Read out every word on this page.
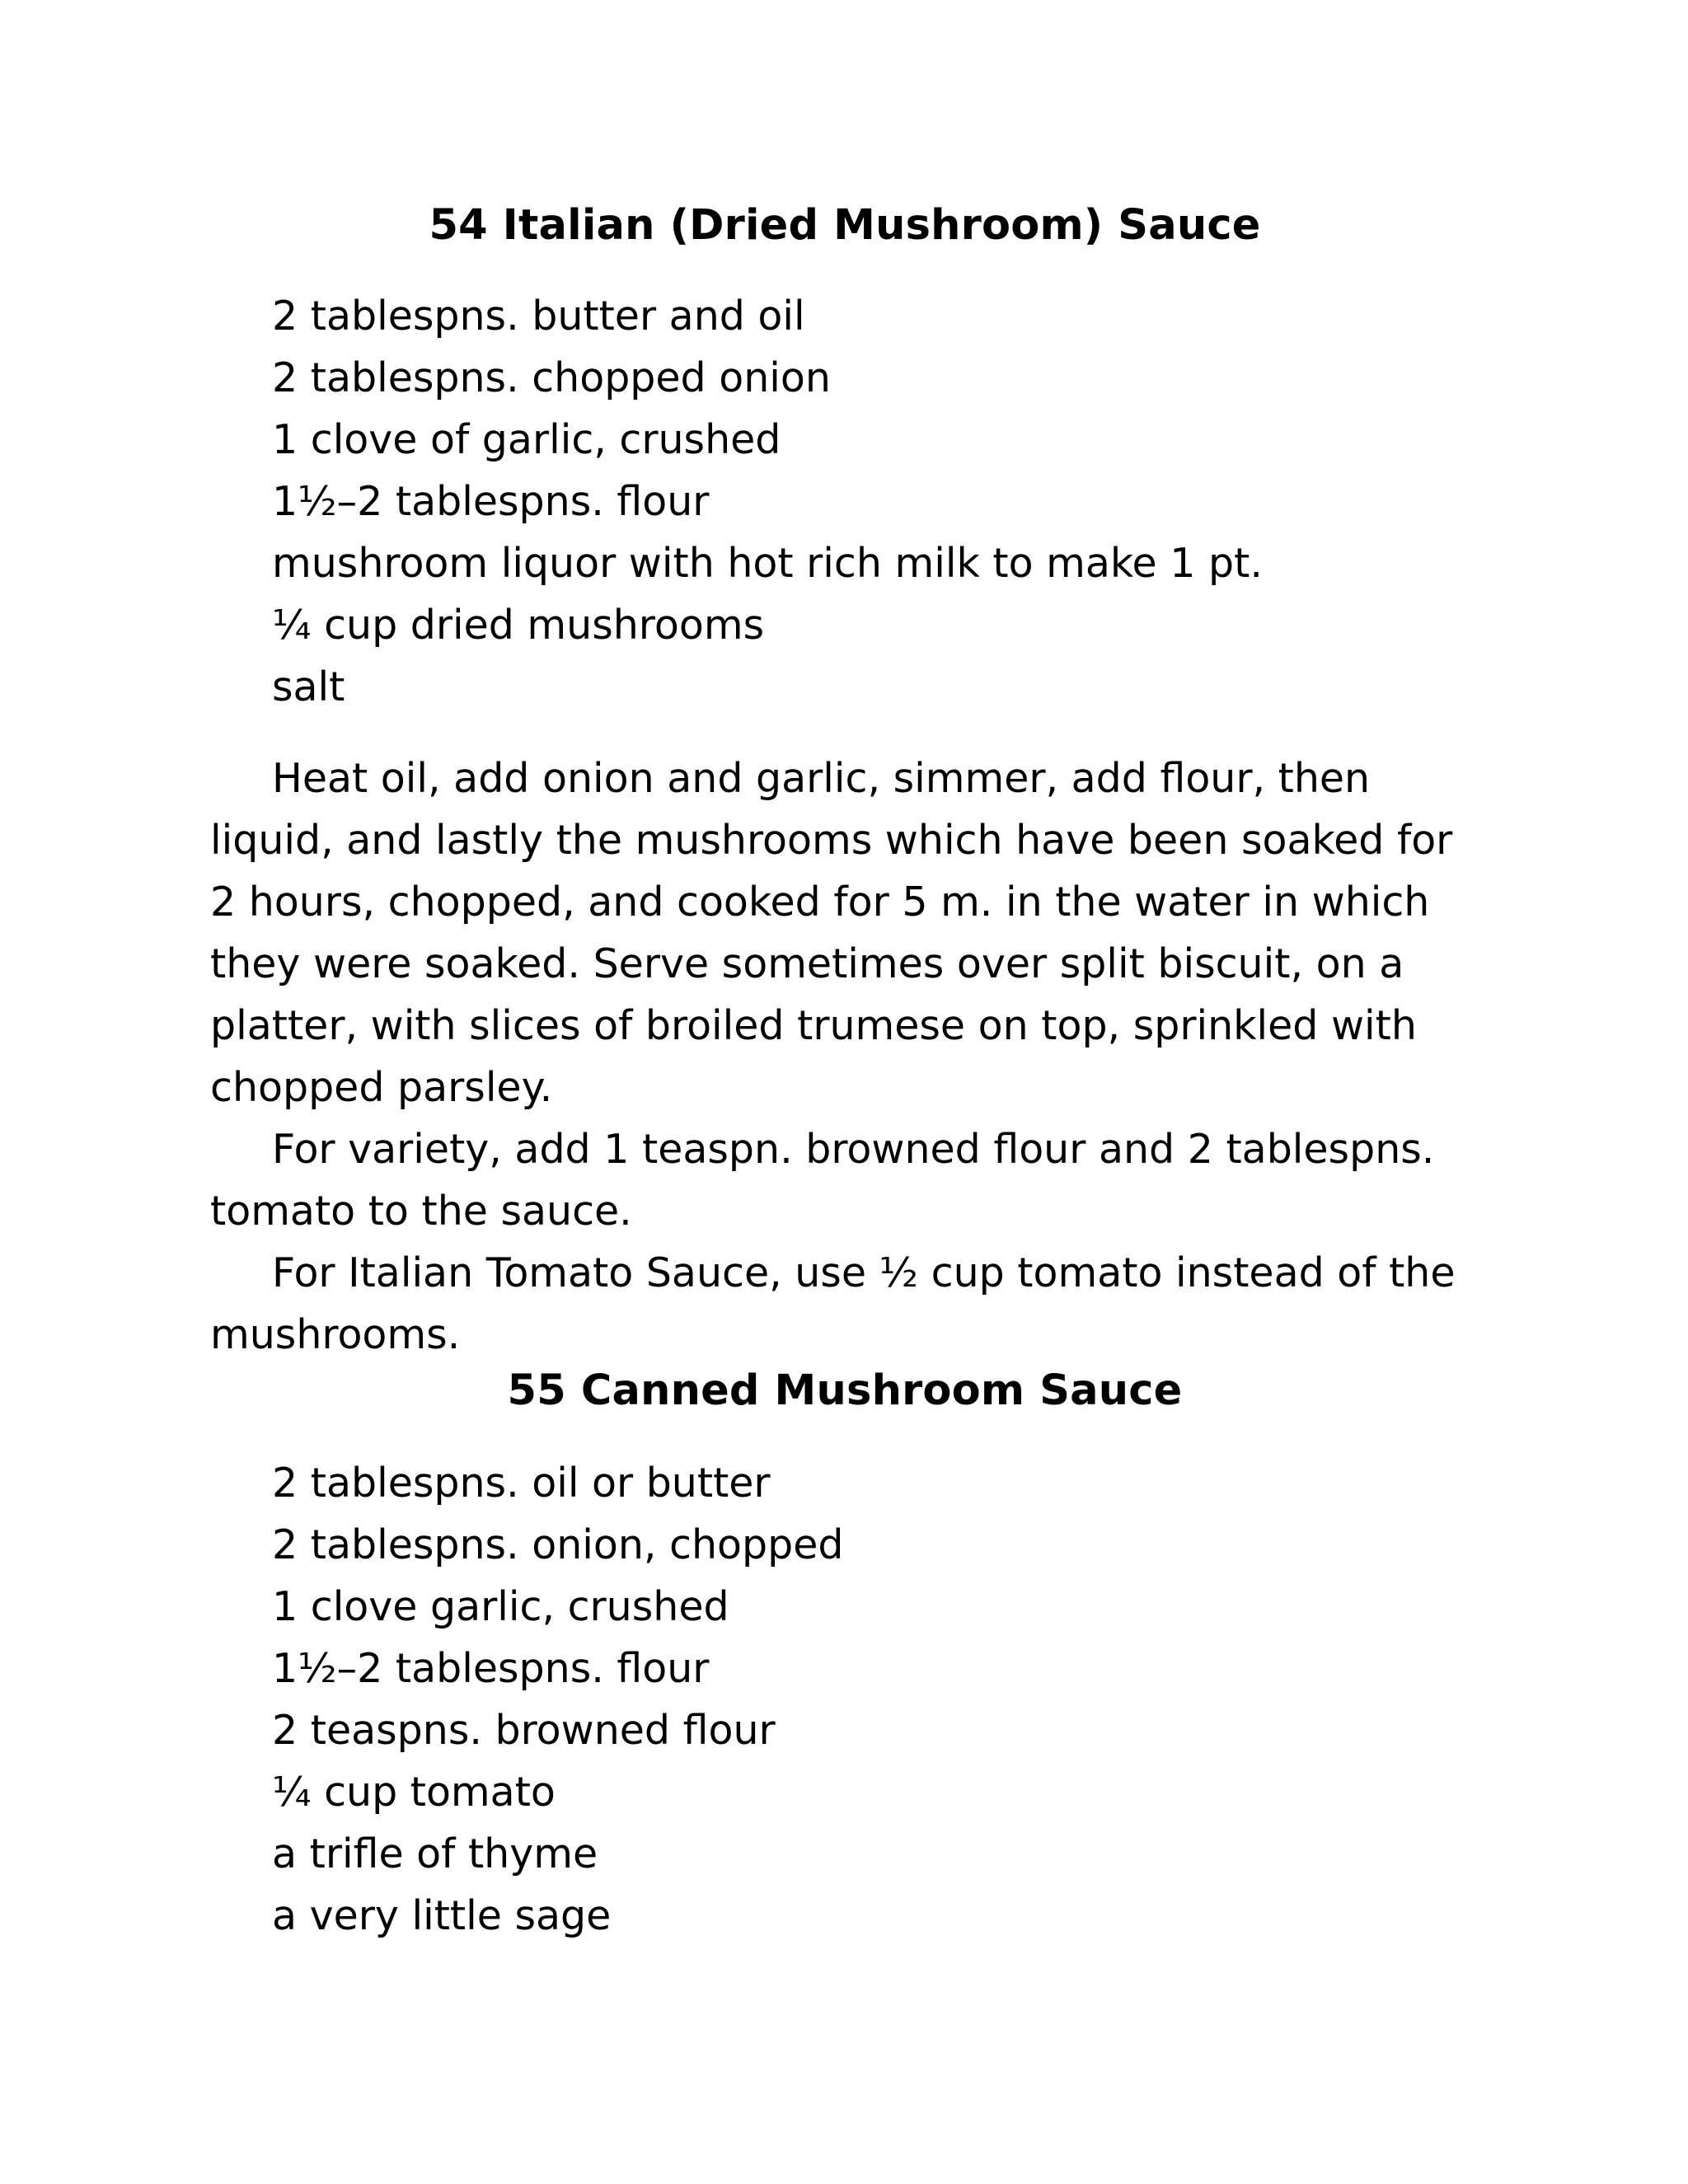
54 Italian (Dried Mushroom) Sauce
2 tablespns. butter and oil
2 tablespns. chopped onion
1 clove of garlic, crushed
1½–2 tablespns. flour
mushroom liquor with hot rich milk to make 1 pt.
¼ cup dried mushrooms
salt

Heat oil, add onion and garlic, simmer, add flour, then liquid, and lastly the mushrooms which have been soaked for 2 hours, chopped, and cooked for 5 m. in the water in which they were soaked. Serve sometimes over split biscuit, on a platter, with slices of broiled trumese on top, sprinkled with chopped parsley.

For variety, add 1 teaspn. browned flour and 2 tablespns. tomato to the sauce.

For Italian Tomato Sauce, use ½ cup tomato instead of the mushrooms.

55 Canned Mushroom Sauce
2 tablespns. oil or butter
2 tablespns. onion, chopped
1 clove garlic, crushed
1½–2 tablespns. flour
2 teaspns. browned flour
¼ cup tomato
a trifle of thyme
a very little sage
